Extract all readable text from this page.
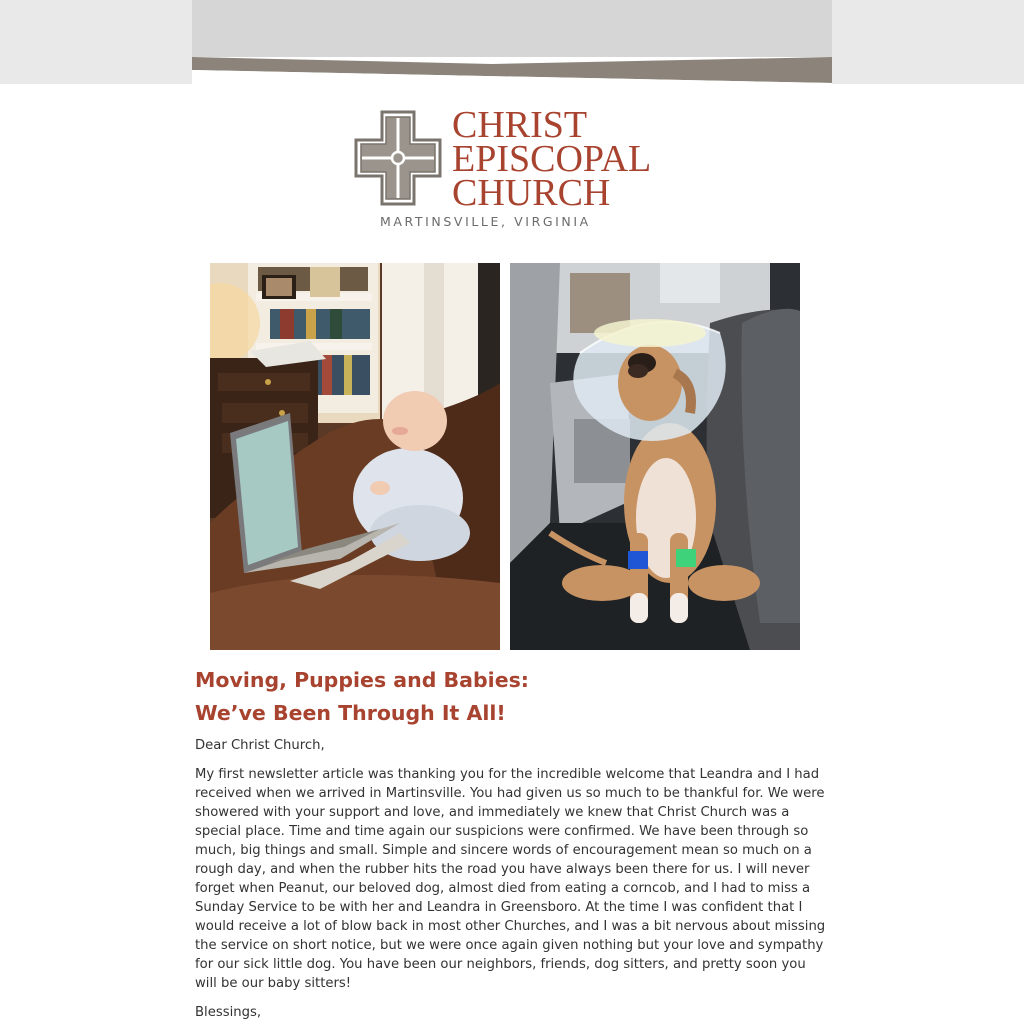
CHRIST
EPISCOPAL
CHURCH
MARTINSVILLE, VIRGINIA
Moving, Puppies and Babies:
We’ve Been Through It All!

Dear Christ Church,

My first newsletter article was thanking you for the incredible welcome that Leandra and I had received when we arrived in Martinsville. You had given us so much to be thankful for. We were showered with your support and love, and immediately we knew that Christ Church was a special place. Time and time again our suspicions were confirmed. We have been through so much, big things and small. Simple and sincere words of encouragement mean so much on a rough day, and when the rubber hits the road you have always been there for us. I will never forget when Peanut, our beloved dog, almost died from eating a corncob, and I had to miss a Sunday Service to be with her and Leandra in Greensboro. At the time I was confident that I would receive a lot of blow back in most other Churches, and I was a bit nervous about missing the service on short notice, but we were once again given nothing but your love and sympathy for our sick little dog. You have been our neighbors, friends, dog sitters, and pretty soon you will be our baby sitters!

Blessings,
